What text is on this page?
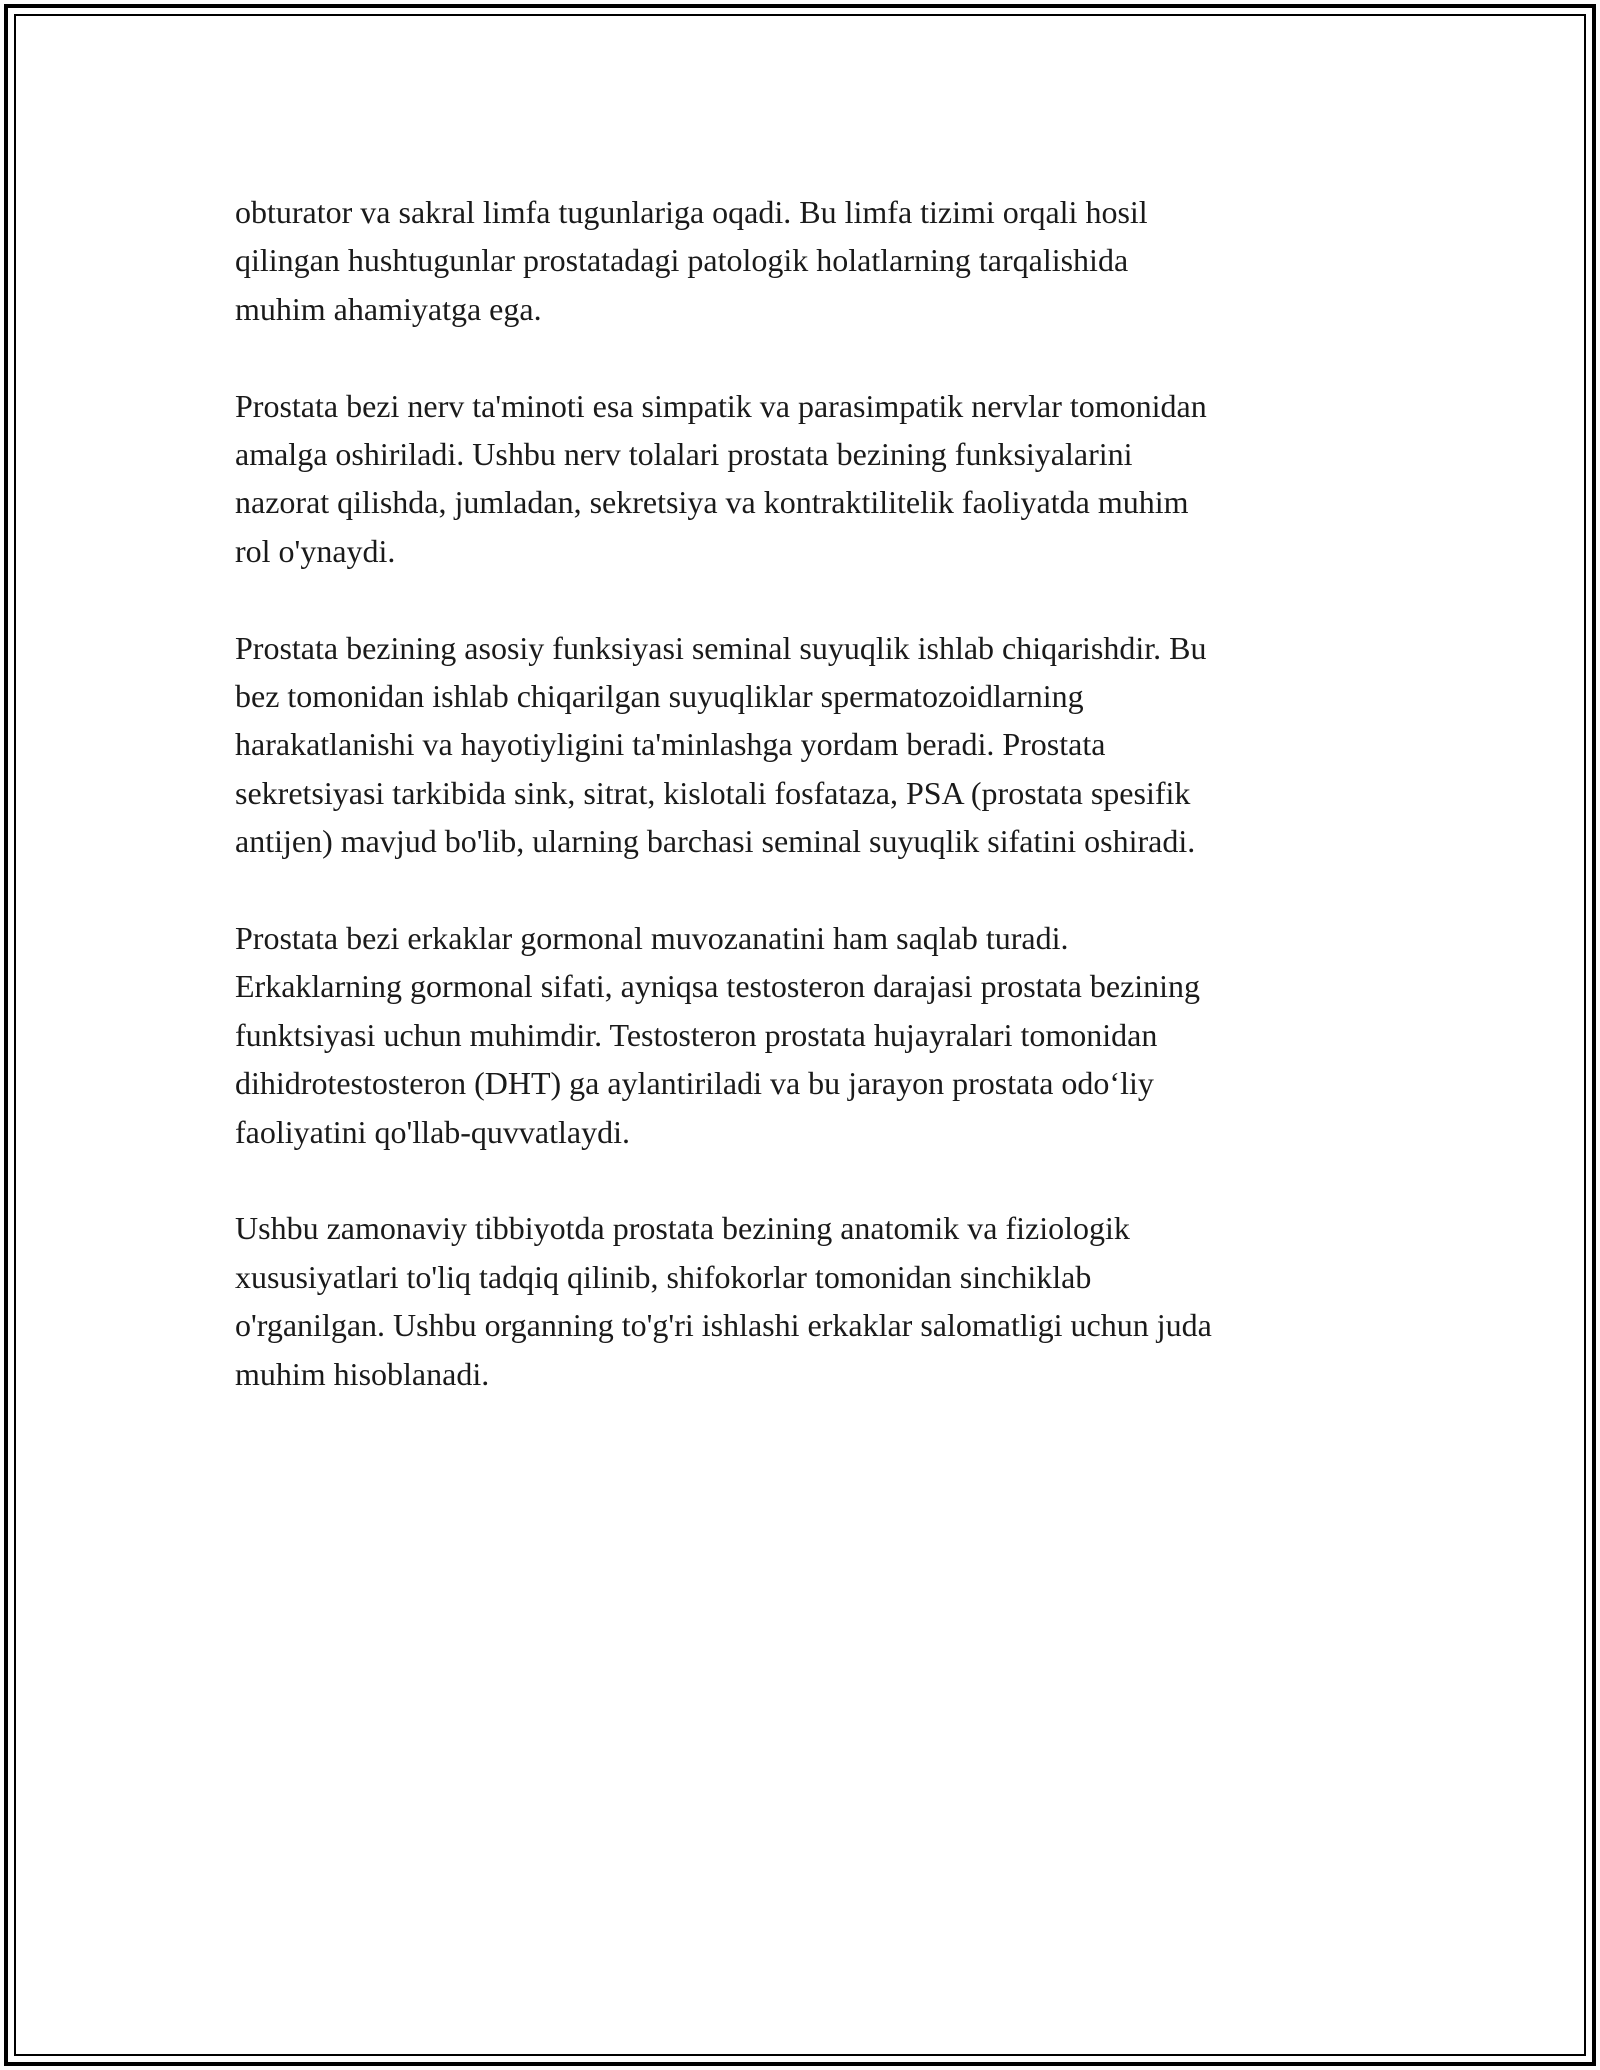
obturator va sakral limfa tugunlariga oqadi. Bu limfa tizimi orqali hosil
qilingan hushtugunlar prostatadagi patologik holatlarning tarqalishida
muhim ahamiyatga ega.

Prostata bezi nerv ta'minoti esa simpatik va parasimpatik nervlar tomonidan
amalga oshiriladi. Ushbu nerv tolalari prostata bezining funksiyalarini
nazorat qilishda, jumladan, sekretsiya va kontraktilitelik faoliyatda muhim
rol o'ynaydi.

Prostata bezining asosiy funksiyasi seminal suyuqlik ishlab chiqarishdir. Bu
bez tomonidan ishlab chiqarilgan suyuqliklar spermatozoidlarning
harakatlanishi va hayotiyligini ta'minlashga yordam beradi. Prostata
sekretsiyasi tarkibida sink, sitrat, kislotali fosfataza, PSA (prostata spesifik
antijen) mavjud bo'lib, ularning barchasi seminal suyuqlik sifatini oshiradi.

Prostata bezi erkaklar gormonal muvozanatini ham saqlab turadi.
Erkaklarning gormonal sifati, ayniqsa testosteron darajasi prostata bezining
funktsiyasi uchun muhimdir. Testosteron prostata hujayralari tomonidan
dihidrotestosteron (DHT) ga aylantiriladi va bu jarayon prostata odo‘liy
faoliyatini qo'llab-quvvatlaydi.

Ushbu zamonaviy tibbiyotda prostata bezining anatomik va fiziologik
xususiyatlari to'liq tadqiq qilinib, shifokorlar tomonidan sinchiklab
o'rganilgan. Ushbu organning to'g'ri ishlashi erkaklar salomatligi uchun juda
muhim hisoblanadi.
